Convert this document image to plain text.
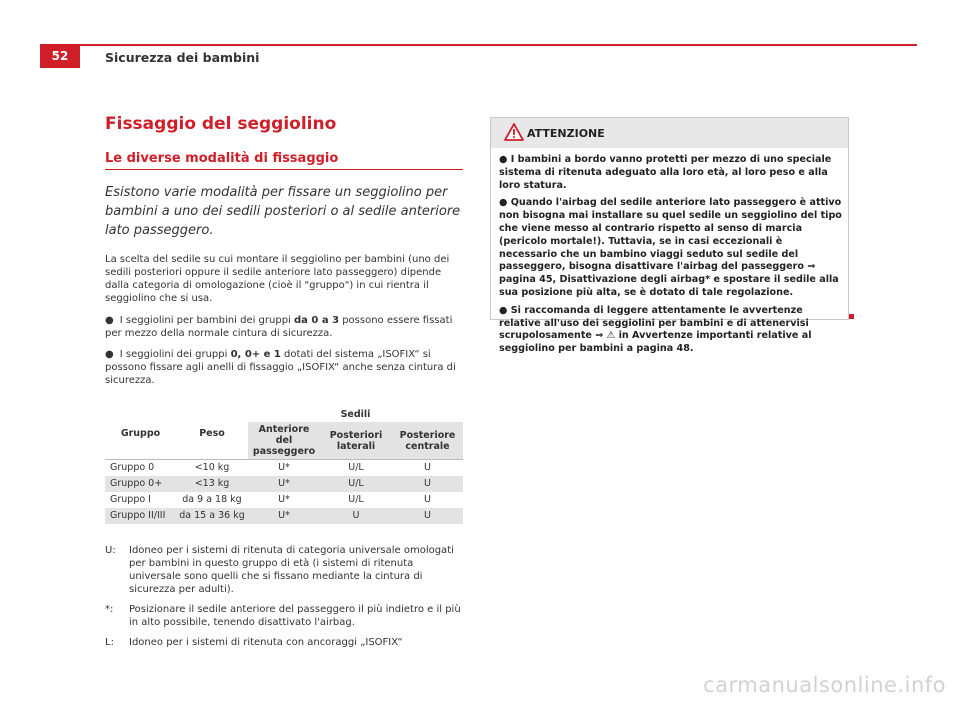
52	Sicurezza dei bambini
Fissaggio del seggiolino
Le diverse modalità di fissaggio
Esistono varie modalità per fissare un seggiolino per bambini a uno dei sedili posteriori o al sedile anteriore lato passeggero.
La scelta del sedile su cui montare il seggiolino per bambini (uno dei sedili posteriori oppure il sedile anteriore lato passeggero) dipende dalla categoria di omologazione (cioè il "gruppo") in cui rientra il seggiolino che si usa.
● I seggiolini per bambini dei gruppi da 0 a 3 possono essere fissati per mezzo della normale cintura di sicurezza.
● I seggiolini dei gruppi 0, 0+ e 1 dotati del sistema „ISOFIX“ si possono fissare agli anelli di fissaggio „ISOFIX“ anche senza cintura di sicurezza.
Gruppo	Peso	Sedili		
		Anteriore del passeggero	Posteriori laterali	Posteriore centrale
Gruppo 0	<10 kg	U*	U/L	U
Gruppo 0+	<13 kg	U*	U/L	U
Gruppo I	da 9 a 18 kg	U*	U/L	U
Gruppo II/III	da 15 a 36 kg	U*	U	U
U:	Idoneo per i sistemi di ritenuta di categoria universale omologati per bambini in questo gruppo di età (i sistemi di ritenuta universale sono quelli che si fissano mediante la cintura di sicurezza per adulti).
*:	Posizionare il sedile anteriore del passeggero il più indietro e il più in alto possibile, tenendo disattivato l'airbag.
L:	Idoneo per i sistemi di ritenuta con ancoraggi „ISOFIX“
ATTENZIONE

● I bambini a bordo vanno protetti per mezzo di uno speciale sistema di ritenuta adeguato alla loro età, al loro peso e alla loro statura.

● Quando l'airbag del sedile anteriore lato passeggero è attivo non bisogna mai installare su quel sedile un seggiolino del tipo che viene messo al contrario rispetto al senso di marcia (pericolo mortale!). Tuttavia, se in casi eccezionali è necessario che un bambino viaggi seduto sul sedile del passeggero, bisogna disattivare l'airbag del passeggero ⇒ pagina 45, Disattivazione degli airbag* e spostare il sedile alla sua posizione più alta, se è dotato di tale regolazione.

● Si raccomanda di leggere attentamente le avvertenze relative all'uso dei seggiolini per bambini e di attenervisi scrupolosamente ⇒ ⚠ in Avvertenze importanti relative al seggiolino per bambini a pagina 48.

carmanualsonline.info
